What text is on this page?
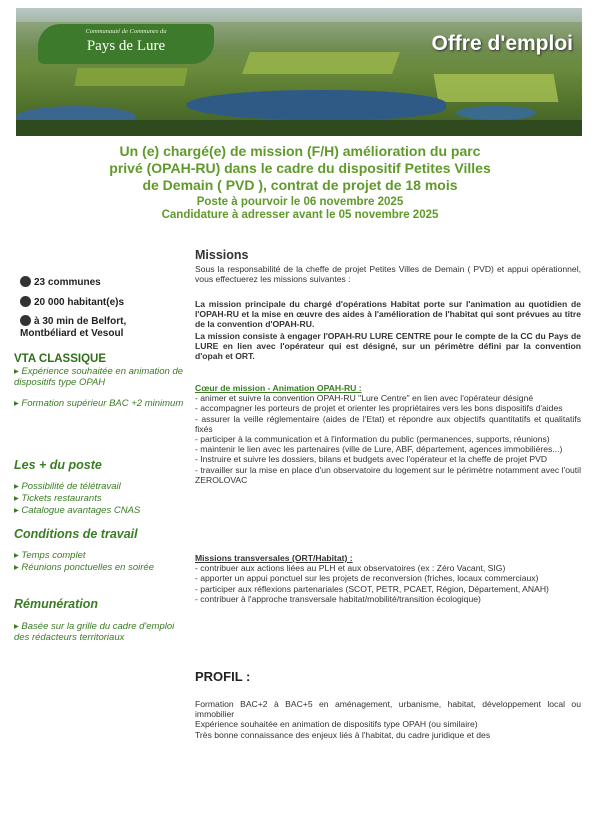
Communauté de Communes du
Pays de Lure	Offre d'emploi
Un (e) chargé(e) de mission (F/H) amélioration du parc
privé (OPAH-RU) dans le cadre du dispositif Petites Villes
de Demain ( PVD ), contrat de projet de 18 mois
Poste à pourvoir le 06 novembre 2025
Candidature à adresser avant le 05 novembre 2025
23 communes
20 000 habitant(e)s
à 30 min de Belfort,
Montbéliard et Vesoul
VTA CLASSIQUE
▸ Expérience souhaitée en animation de dispositifs type OPAH
▸ Formation supérieur BAC +2 minimum
Les + du poste
▸ Possibilité de télétravail
▸ Tickets restaurants
▸ Catalogue avantages CNAS
Conditions de travail
▸ Temps complet
▸ Réunions ponctuelles en soirée
Rémunération
▸ Basée sur la grille du cadre d'emploi des rédacteurs territoriaux
Missions
Sous la responsabilité de la cheffe de projet Petites Villes de Demain ( PVD) et appui opérationnel, vous effectuerez les missions suivantes :
La mission principale du chargé d'opérations Habitat porte sur l'animation au quotidien de l'OPAH-RU et la mise en œuvre des aides à l'amélioration de l'habitat qui sont prévues au titre de la convention d'OPAH-RU.
La mission consiste à engager l'OPAH-RU LURE CENTRE pour le compte de la CC du Pays de LURE en lien avec l'opérateur qui est désigné, sur un périmètre défini par la convention d'opah et ORT.
Cœur de mission - Animation OPAH-RU :
- animer et suivre la convention OPAH-RU "Lure Centre" en lien avec l'opérateur désigné
- accompagner les porteurs de projet et orienter les propriétaires vers les bons dispositifs d'aides
- assurer la veille réglementaire (aides de l'Etat) et répondre aux objectifs quantitatifs et qualitatifs fixés
- participer à la communication et à l'information du public (permanences, supports, réunions)
- maintenir le lien avec les partenaires (ville de Lure, ABF, département, agences immobilières...)
- Instruire et suivre les dossiers, bilans et budgets avec l'opérateur et la cheffe de projet PVD
- travailler sur la mise en place d'un observatoire du logement sur le périmètre notamment avec l'outil ZEROLOVAC
Missions transversales (ORT/Habitat) :
- contribuer aux actions liées au PLH et aux observatoires (ex : Zéro Vacant, SIG)
- apporter un appui ponctuel sur les projets de reconversion (friches, locaux commerciaux)
- participer aux réflexions partenariales (SCOT, PETR, PCAET, Région, Département, ANAH)
- contribuer à l'approche transversale habitat/mobilité/transition écologique)
PROFIL :
Formation BAC+2 à BAC+5 en aménagement, urbanisme, habitat, développement local ou immobilier
Expérience souhaitée en animation de dispositifs type OPAH (ou similaire)
Très bonne connaissance des enjeux liés à l'habitat, du cadre juridique et des
